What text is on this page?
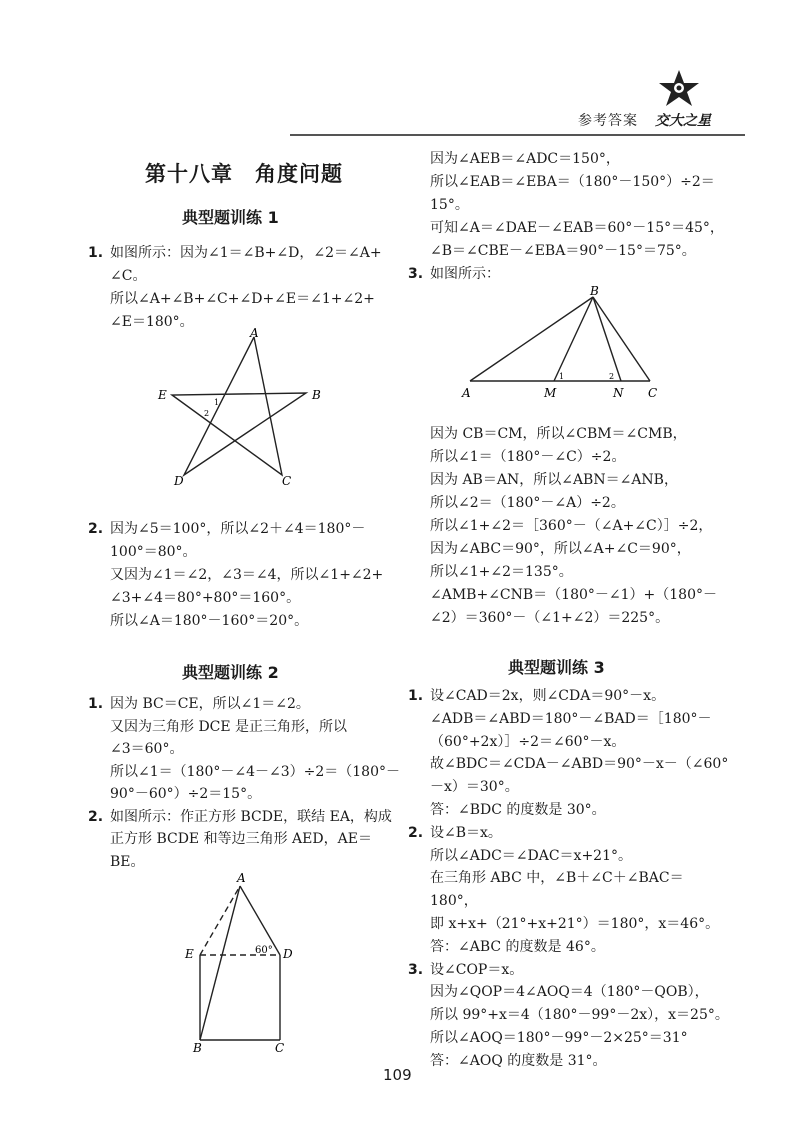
参考答案 交大之星
第十八章　角度问题
典型题训练 1
1. 如图所示：因为∠1＝∠B+∠D，∠2＝∠A+
∠C。
所以∠A+∠B+∠C+∠D+∠E＝∠1+∠2+
∠E＝180°。
A
B
C
D
E
1
2
2. 因为∠5＝100°，所以∠2＋∠4＝180°－
100°＝80°。
又因为∠1＝∠2，∠3＝∠4，所以∠1+∠2+
∠3+∠4＝80°+80°＝160°。
所以∠A＝180°－160°＝20°。
典型题训练 2
1. 因为 BC＝CE，所以∠1＝∠2。
又因为三角形 DCE 是正三角形，所以
∠3＝60°。
所以∠1＝（180°－∠4－∠3）÷2＝（180°－
90°－60°）÷2＝15°。
2. 如图所示：作正方形 BCDE，联结 EA，构成
正方形 BCDE 和等边三角形 AED，AE＝
BE。
A
B	C
D
E	60°
因为∠AEB＝∠ADC＝150°，
所以∠EAB＝∠EBA＝（180°－150°）÷2＝
15°。
可知∠A＝∠DAE－∠EAB＝60°－15°＝45°，
∠B＝∠CBE－∠EBA＝90°－15°＝75°。
3. 如图所示：
B
A	M	N C
1	2
因为 CB＝CM，所以∠CBM＝∠CMB，
所以∠1＝（180°－∠C）÷2。
因为 AB＝AN，所以∠ABN＝∠ANB，
所以∠2＝（180°－∠A）÷2。
所以∠1+∠2＝［360°－（∠A+∠C）］÷2，
因为∠ABC＝90°，所以∠A+∠C＝90°，
所以∠1+∠2＝135°。
∠AMB+∠CNB＝（180°－∠1）+（180°－
∠2）＝360°－（∠1+∠2）＝225°。
典型题训练 3
1. 设∠CAD＝2x，则∠CDA＝90°－x。
∠ADB＝∠ABD＝180°－∠BAD＝［180°－
（60°+2x）］÷2＝∠60°－x。
故∠BDC＝∠CDA－∠ABD＝90°－x－（∠60°
－x）＝30°。
答：∠BDC 的度数是 30°。
2. 设∠B＝x。
所以∠ADC＝∠DAC＝x+21°。
在三角形 ABC 中，∠B＋∠C＋∠BAC＝
180°，
即 x+x+（21°+x+21°）＝180°，x＝46°。
答：∠ABC 的度数是 46°。
3. 设∠COP＝x。
因为∠QOP＝4∠AOQ＝4（180°－QOB），
所以 99°+x＝4（180°－99°－2x），x＝25°。
所以∠AOQ＝180°－99°－2×25°＝31°
答：∠AOQ 的度数是 31°。
109
